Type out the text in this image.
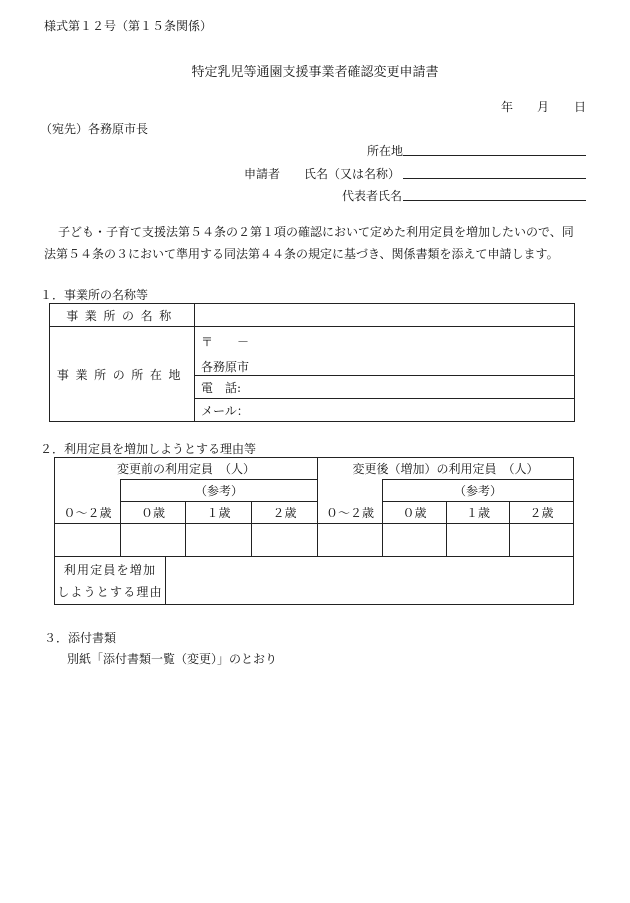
様式第１２号（第１５条関係）
特定乳児等通園支援事業者確認変更申請書
年 月 日
（宛先）各務原市長
所在地
申請者 氏名（又は名称）
代表者氏名
子ども・子育て支援法第５４条の２第１項の確認において定めた利用定員を増加したいので、同
法第５４条の３において準用する同法第４４条の規定に基づき、関係書類を添えて申請します。
１．事業所の名称等
事業所の名称	
事業所の所在地	〒　　－
各務原市

	電　話:
	メール：
２．利用定員を増加しようとする理由等
変更前の利用定員　（人）				変更後（増加）の利用定員　（人）			
	（参考）				（参考）		
０～２歳	０歳	１歳	２歳	０～２歳	０歳	１歳	２歳

利用定員を増加
しようとする理由							
３．添付書類
別紙「添付書類一覧（変更）」のとおり
